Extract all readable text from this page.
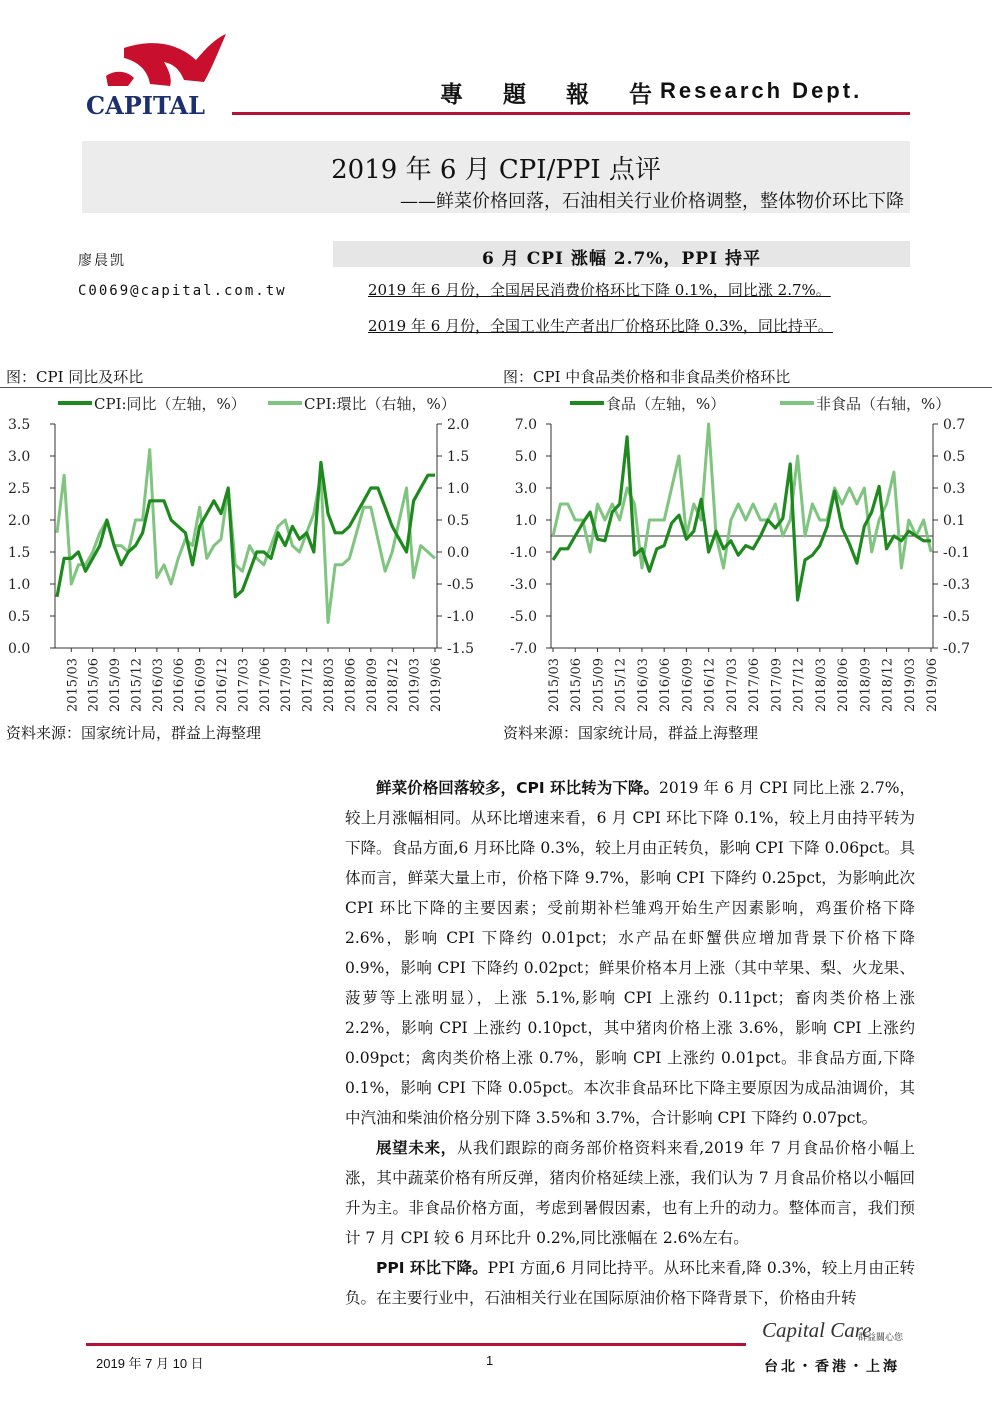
CAPITAL	專 題 報 告
Research Dept.
2019 年 6 月 CPI/PPI 点评
——鲜菜价格回落，石油相关行业价格调整，整体物价环比下降
廖晨凯
C0069@capital.com.tw
6 月 CPI 涨幅 2.7%，PPI 持平
2019 年 6 月份，全国居民消费价格环比下降 0.1%，同比涨 2.7%。
2019 年 6 月份，全国工业生产者出厂价格环比降 0.3%，同比持平。
图：CPI 同比及环比	图：CPI 中食品类价格和非食品类价格环比
3.5
3.0
2.5
2.0
1.5
1.0
0.5
0.0
2.0
1.5
1.0
0.5
0.0
-0.5
-1.0
-1.5
2015/03 2015/06 2015/09 2015/12 2016/03 2016/06 2016/09 2016/12 2017/03 2017/06 2017/09 2017/12 2018/03 2018/06 2018/09 2018/12 2019/03 2019/06
CPI:同比（左轴，%）	CPI:環比（右轴，%）
7.0
5.0
3.0
1.0
-1.0
-3.0
-5.0
-7.0
0.7
0.5
0.3
0.1
-0.1
-0.3
-0.5
-0.7
2015/03 2015/06 2015/09 2015/12 2016/03 2016/06 2016/09 2016/12 2017/03 2017/06 2017/09 2017/12 2018/03 2018/06 2018/09 2018/12 2019/03 2019/06
食品（左轴，%）	非食品（右轴，%）
资料来源：国家统计局，群益上海整理	资料来源：国家统计局，群益上海整理

鲜菜价格回落较多，CPI 环比转为下降。2019 年 6 月 CPI 同比上涨 2.7%，较上月涨幅相同。从环比增速来看，6 月 CPI 环比下降 0.1%，较上月由持平转为下降。食品方面,6 月环比降 0.3%，较上月由正转负，影响 CPI 下降 0.06pct。具体而言，鲜菜大量上市，价格下降 9.7%，影响 CPI 下降约 0.25pct，为影响此次 CPI 环比下降的主要因素；受前期补栏雏鸡开始生产因素影响，鸡蛋价格下降 2.6%，影响 CPI 下降约 0.01pct；水产品在虾蟹供应增加背景下价格下降 0.9%，影响 CPI 下降约 0.02pct；鲜果价格本月上涨（其中苹果、梨、火龙果、菠萝等上涨明显），上涨 5.1%,影响 CPI 上涨约 0.11pct；畜肉类价格上涨 2.2%，影响 CPI 上涨约 0.10pct，其中猪肉价格上涨 3.6%，影响 CPI 上涨约 0.09pct；禽肉类价格上涨 0.7%，影响 CPI 上涨约 0.01pct。非食品方面,下降 0.1%，影响 CPI 下降 0.05pct。本次非食品环比下降主要原因为成品油调价，其中汽油和柴油价格分别下降 3.5%和 3.7%，合计影响 CPI 下降约 0.07pct。

展望未来，从我们跟踪的商务部价格资料来看,2019 年 7 月食品价格小幅上涨，其中蔬菜价格有所反弹，猪肉价格延续上涨，我们认为 7 月食品价格以小幅回升为主。非食品价格方面，考虑到暑假因素，也有上升的动力。整体而言，我们预计 7 月 CPI 较 6 月环比升 0.2%,同比涨幅在 2.6%左右。

PPI 环比下降。PPI 方面,6 月同比持平。从环比来看,降 0.3%，较上月由正转负。在主要行业中，石油相关行业在国际原油价格下降背景下，价格由升转

2019 年 7 月 10 日	1
Capital Care
群益關心您
台北・香港・上海
